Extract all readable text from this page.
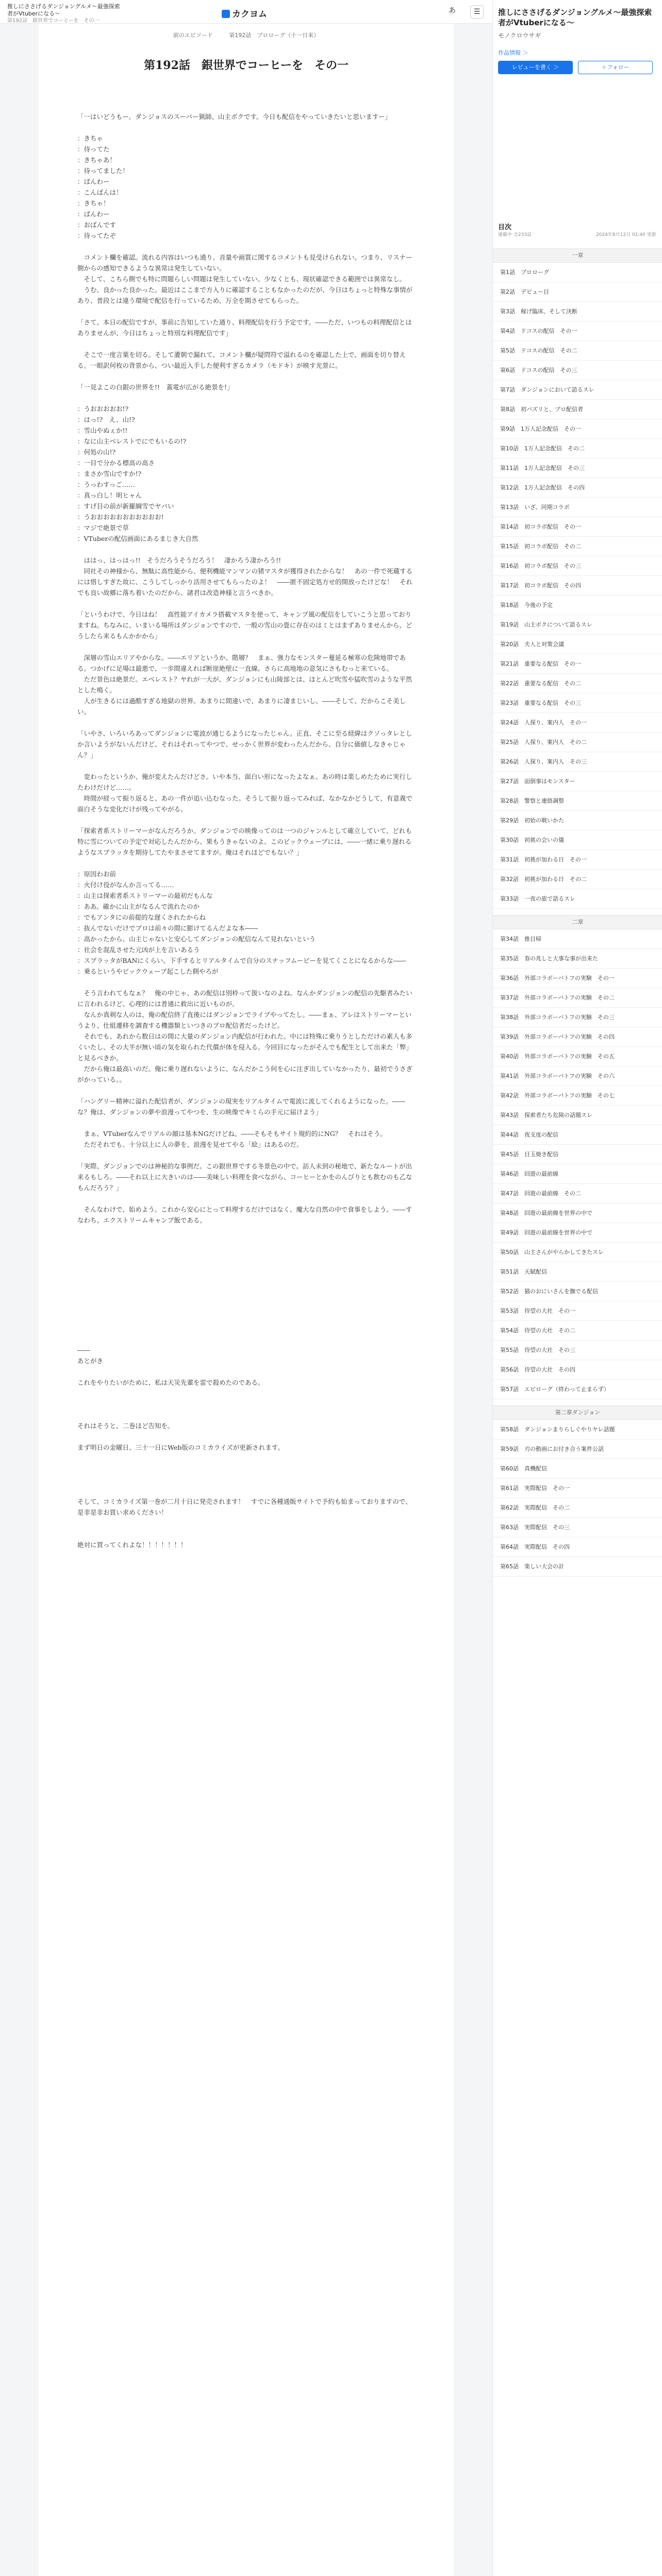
推しにささげるダンジョングルメ〜最強探索者がVtuberになる〜
第192話　銀世界でコーヒーを　その一
カクヨム	あ	☰
前のエピソード	第192話　プロローグ（十一日来）
第192話　銀世界でコーヒーを　その一

「一はいどうもー。ダンジョスのスーパー猟師、山主ボクです。今日も配信をやっていきたいと思いますー」

：きちゃ

：待ってた

：きちゃあ！

：待ってました！

：ばんわー

：こんばんは！

：きちゃ！

：ばんわー

：おばんです

：待ってたぞ

　コメント欄を確認。流れる内容はいつも通り。音量や画質に関するコメントも見受けられない。つまり、リスナー側からの感知できるような異常は発生していない。

　そして、こちら側でも特に問題らしい問題は発生していない。少なくとも、現状確認できる範囲では異常なし。

　うむ。良かった良かった。最近はここまで方入りに確認することもなかったのだが、今日はちょっと特殊な事情があり、普段とは違う環境で配信を行っているため、万全を期させてもらった。

「さて、本日の配信ですが、事前に告知していた通り、料理配信を行う予定です。――ただ、いつもの料理配信とはありませんが、今日はちょっと特別な料理配信です」

　そこで一度言葉を切る。そして灌朝で漏れて、コメント欄が疑問符で溢れるのを確認した上で、画面を切り替える。一眼訳何枚の背景から、つい最近入手した便利すぎるカメラ（モドキ）が映す光景に。

「一見よこの白銀の世界を!!　蓋電が広がる絶景を!」

：うおおおおお!?

：はっ!?　え、山!?

：雪山やぬぇか!!

：なに山主ベレストでにでもいるの!?

：何処の山!?

：一目で分かる標高の高さ

：まさか雪山ですか!?

：うっわすっご……

：真っ白し！明ヒャん

：すげ目の前が新羅綱雪でヤバい

：うおおおおおおおおおおお!

：マジで絶景で草

：VTuberの配信画面にあるまじき大自然

　ははっ、はっはっ!!　そうだろうそうだろう！　凄かろう凄かろう!!

　同社その神様から、無駄に高性能から、便利機能マンマンの猪マスタが獲得されたからな！　あの一件で死蔵するには惜しすぎた故に、こうしてしっかり活用させてもらったのよ！　――匿不固定処方せ的開放ったけどな！　それでも良い故郷に落ち着いたのだから、諸君は改造神様と言うべきか。

「というわけで、今日はね！　高性能アイカメラ搭載マスタを使って、キャンプ風の配信をしていこうと思っておりますね。ちなみに、いまいる場所はダンジョンですので、一般の雪山の畳に存在のはミとはまずありませんから、どうしたら来るもんかかから」

　深層の雪山エリアやからな。――エリアというか、階層？　まぁ、強力なモンスター蔓延る極寒の危険地帯である。つかげに足場は最悪で、一歩間違えれば断崖絶壁に一直線。さらに高地地の意気にさもむっと来ている。

　ただ景色は絶景だ。エベレスト？ヤれが一大が、ダンジョンにも山陵部とは、ほとんど吹雪や猛吹雪のような平然とした鳴く。

　人が生きるには過酷すぎる地獄の世界。あまりに間違いで、あまりに凄まじいし。――そして、だからこそ美しい。

「いやさ、いろいろあってダンジョンに電波が通じるようになったじゃん。正直、そこに至る経緯はクソっタレとしか言いようがないんだけど、それはそれってやつで、せっかく世界が変わったんだから、自分に価値しなきゃじゃん？」

　変わったというか、俺が変えたんだけどさ。いや本当、面白い形になったよなぁ。あの時は楽しめたために実行したわけだけど……。

　時間が経って振り返ると、あの一件が追い込むなった。そうして振り返ってみれば、なかなかどうして、有意義で面白そうな変化だけが残ってやがる。

「探索者系ストリーマーがなんだろうか。ダンジョンでの映像ってのは一つのジャンルとして確立していて、どれも特に雪についての予定で対応したんだから、果もうきゃないのよ。このビックウェーブには、――一緒に乗り遅れるようなスプラッタを期待してたやまさせてますが。俺はそれほどでもない？」

：原因わお前

：火付け役がなんか言ってる……

：山主は探索者系ストリーマーの最初だもんな

：ああ、確かに山主がなるんで流れたのか

：でもアンタにの前提的な遅くされたからね

：抜んでないだけでプロは前々の間に膨けてるんだよな本――

：高かったから、山主じゃないと安心してダンジョンの配信なんて見れないという

：社会を混乱させた元凶が上を言いあるう

：スプラッタがBANにくらい。下手するとリアルタイムで自分のスナッフムービーを見てくことになるからな――

：乗るというやビックウェーブ起こした側やろが

　そう言われてもなぁ？　俺の中じゃ、あの配信は別枠って扱いなのよね。なんかダンジョンの配信の先駆者みたいに言われるけど、心理的には普通に救出に近いものが。

　なんか真剣な人のは、俺の配信終了直後にはダンジョンでライブやってたし。――まぁ、アレはストリーマーというより、仕組遷移を調査する機器類といつきのプロ配信者だったけど。

　それでも、あれから数日はの間に大量のダンジョン内配信が行われた。中には特殊に乗りうとしただけの素人も多くいたし、その大半が無い頃の気を取られた代償が体を侵入る。今回目になったがそんでも配生として出来た「弊」と見るべきか。

　だから俺は最高いのだ。俺に乗り遅れないように、なんだかこう何を心に注ぎ出していなかったり、最初でうさぎがかっている。。

「ハングリー精神に溢れた配信者が、ダンジョンの現実をリアルタイムで電波に流してくれるようになった。――な？俺は、ダンジョンの夢や浪漫ってやつを、生の映像でキミらの手元に届けよう」

　まぁ、VTuberなんでリアルの顔は基本NGだけどね。――そもそもサイト規約的にNG？　それはそう。

　ただそれでも、十分以上に人の夢を、浪漫を見せてやる「絵」はあるのだ。

「実際、ダンジョンでのは神秘的な事例だ。この銀世界でする冬景色の中で。訪人未到の秘地で、新たなルートが出来るもしろ。――それ以上に大きいのは――美味しい料理を食べながら、コーヒーとかをのんびりとも飲むのも乙なもんだろう？」

　そんなわけで、始めよう。これから安心にとって料理するだけではなく、魔大な自然の中で食事をしよう。――すなわち、エクストリームキャンプ飯である。

――

あとがき

これをやりたいがために、私は天災先輩を雷で殺めたのである。

それはそうと、二巻ほど告知を。

まず明日の金曜日、三十一日にWeb版のコミカライズが更新されます。

そして、コミカライズ第一巻が二月十日に発売されます！　すでに各種通販サイトで予約も始まっておりますので、是非是非お買い求めください！

絶対に買ってくれよな！！！！！！！

推しにささげるダンジョングルメ〜最強探索者がVtuberになる〜
モノクロウサギ
作品情報 ＞
レビューを書く ＞	＋フォロー
目次
連載中 全233話	2024年8月12日 01:40 更新
一章
第1話　プロローグ
第2話　デビュー目
第3話　稼げ臨床、そして決断
第4話　ドコスの配信　その一
第5話　ドコスの配信　その二
第6話　ドコスの配信　その三
第7話　ダンジョンにおいて語るスレ
第8話　初バズリと、プロ配信者
第9話　1万人記念配信　その一
第10話　1万人記念配信　その二
第11話　1万人記念配信　その三
第12話　1万人記念配信　その四
第13話　いざ、同期コラボ
第14話　初コラボ配信　その一
第15話　初コラボ配信　その二
第16話　初コラボ配信　その三
第17話　初コラボ配信　その四
第18話　今後の予定
第19話　山主ボクについて語るスレ
第20話　夫人と対策会議
第21話　重要なる配信　その一
第22話　重要なる配信　その二
第23話　重要なる配信　その三
第24話　人探り、案内人　その一
第25話　人探り、案内人　その二
第26話　人探り、案内人　その三
第27話　面倒事はモンスター
第28話　警察と連絡調整
第29話　初始の戦いかた
第30話　初挑の会いの儀
第31話　初挑が加わる日　その一
第32話　初挑が加わる日　その二
第33話　一夜の旅で語るスレ
二章
第34話　推目帰
第35話　春の兆しと大事な事が出来た
第36話　外部コラボーバトフの実験　その一
第37話　外部コラボーバトフの実験　その二
第38話　外部コラボーバトフの実験　その三
第39話　外部コラボーバトフの実験　その四
第40話　外部コラボーバトフの実験　その五
第41話　外部コラボーバトフの実験　その六
第42話　外部コラボーバトフの実験　その七
第43話　探索者たち危険の話題スレ
第44話　夜支度の配信
第45話　目玉焼き配信
第46話　回遊の最前線
第47話　回遊の最前線　その二
第48話　回遊の最前線を世界の中で
第49話　回遊の最前線を世界の中で
第50話　山主さんがやらかしてきたスレ
第51話　天賦配信
第52話　猫のおにいさんを撫でる配信
第53話　待望の大社　その一
第54話　待望の大社　その二
第55話　待望の大社　その三
第56話　待望の大社　その四
第57話　エピローグ（終わって止まらず）
第二章ダンジョン
第58話　ダンジョンまりらしぐやりヤレ話題
第59話　刃の動画にお付き合う案件公話
第60話　真機配信
第61話　実際配信　その一
第62話　実際配信　その二
第63話　実際配信　その三
第64話　実際配信　その四
第65話　楽しい大会の計
